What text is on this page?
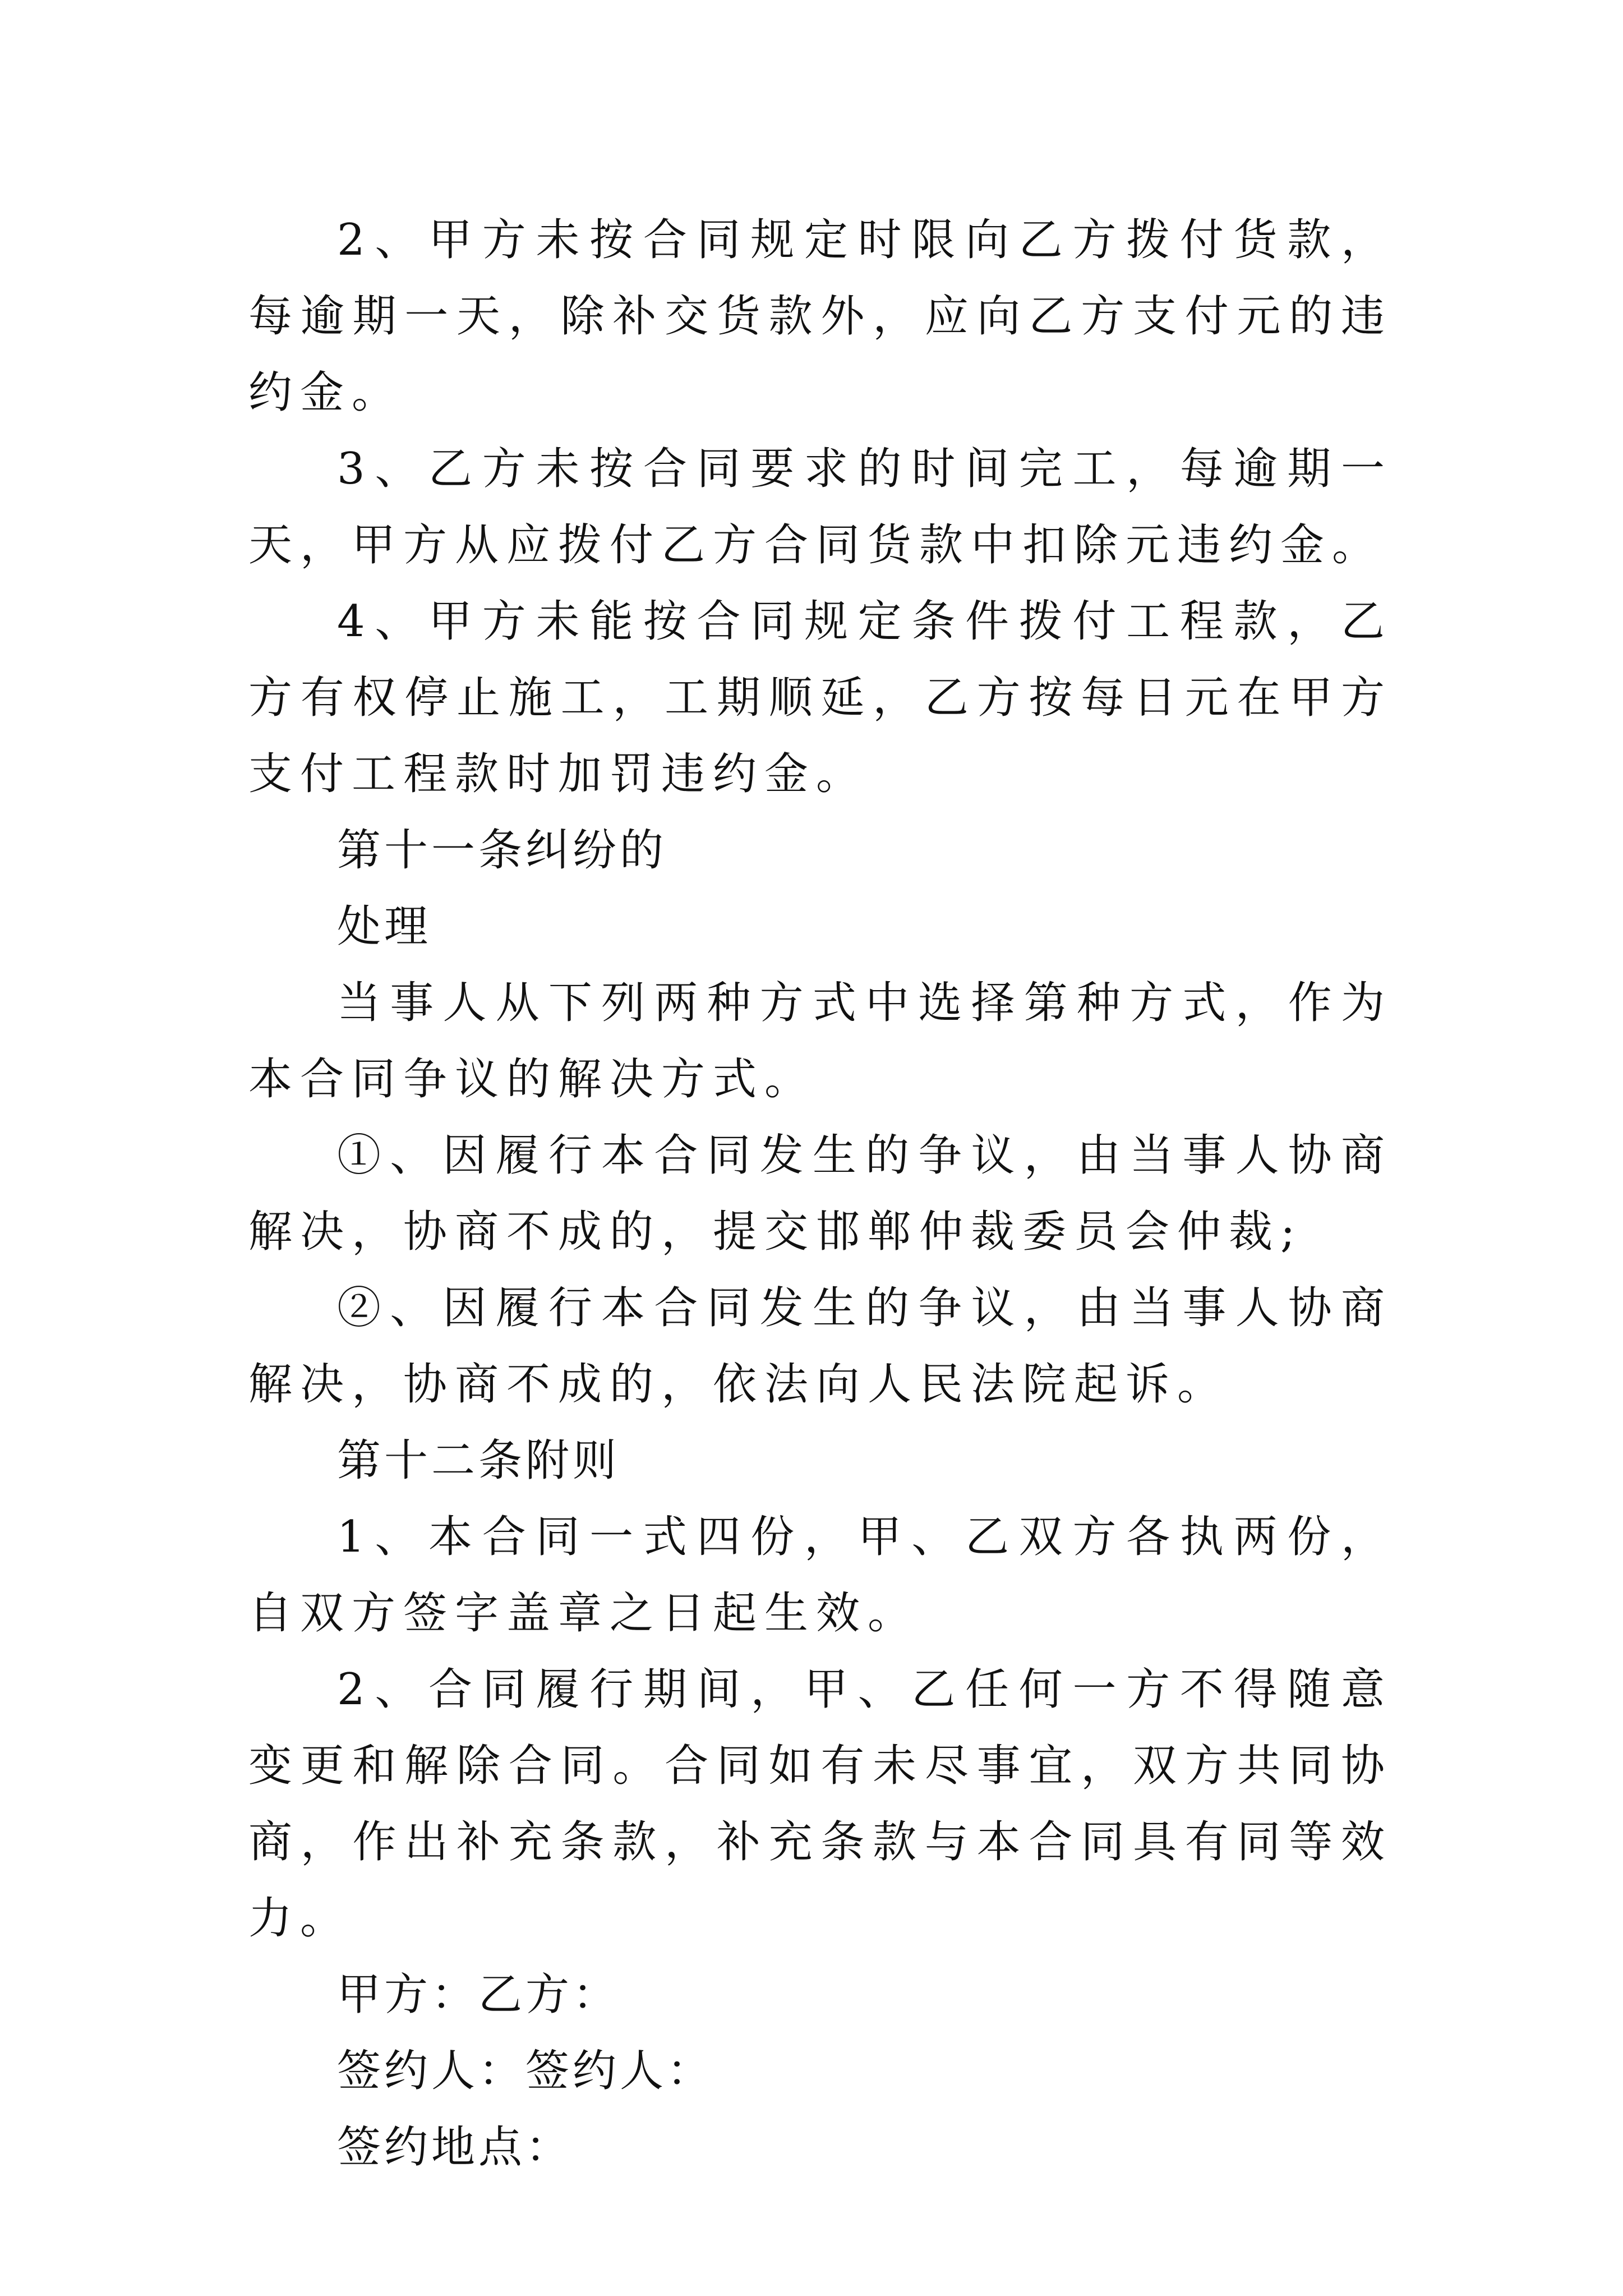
2、甲方未按合同规定时限向乙方拨付货款，每逾期一天，除补交货款外，应向乙方支付元的违约金。

3、乙方未按合同要求的时间完工，每逾期一天，甲方从应拨付乙方合同货款中扣除元违约金。

4、甲方未能按合同规定条件拨付工程款，乙方有权停止施工，工期顺延，乙方按每日元在甲方支付工程款时加罚违约金。

第十一条纠纷的

处理

当事人从下列两种方式中选择第种方式，作为本合同争议的解决方式。

①、因履行本合同发生的争议，由当事人协商解决，协商不成的，提交邯郸仲裁委员会仲裁;

②、因履行本合同发生的争议，由当事人协商解决，协商不成的，依法向人民法院起诉。

第十二条附则

1、本合同一式四份，甲、乙双方各执两份，自双方签字盖章之日起生效。

2、合同履行期间，甲、乙任何一方不得随意变更和解除合同。合同如有未尽事宜，双方共同协商，作出补充条款，补充条款与本合同具有同等效力。

甲方：乙方：

签约人：签约人：

签约地点：
